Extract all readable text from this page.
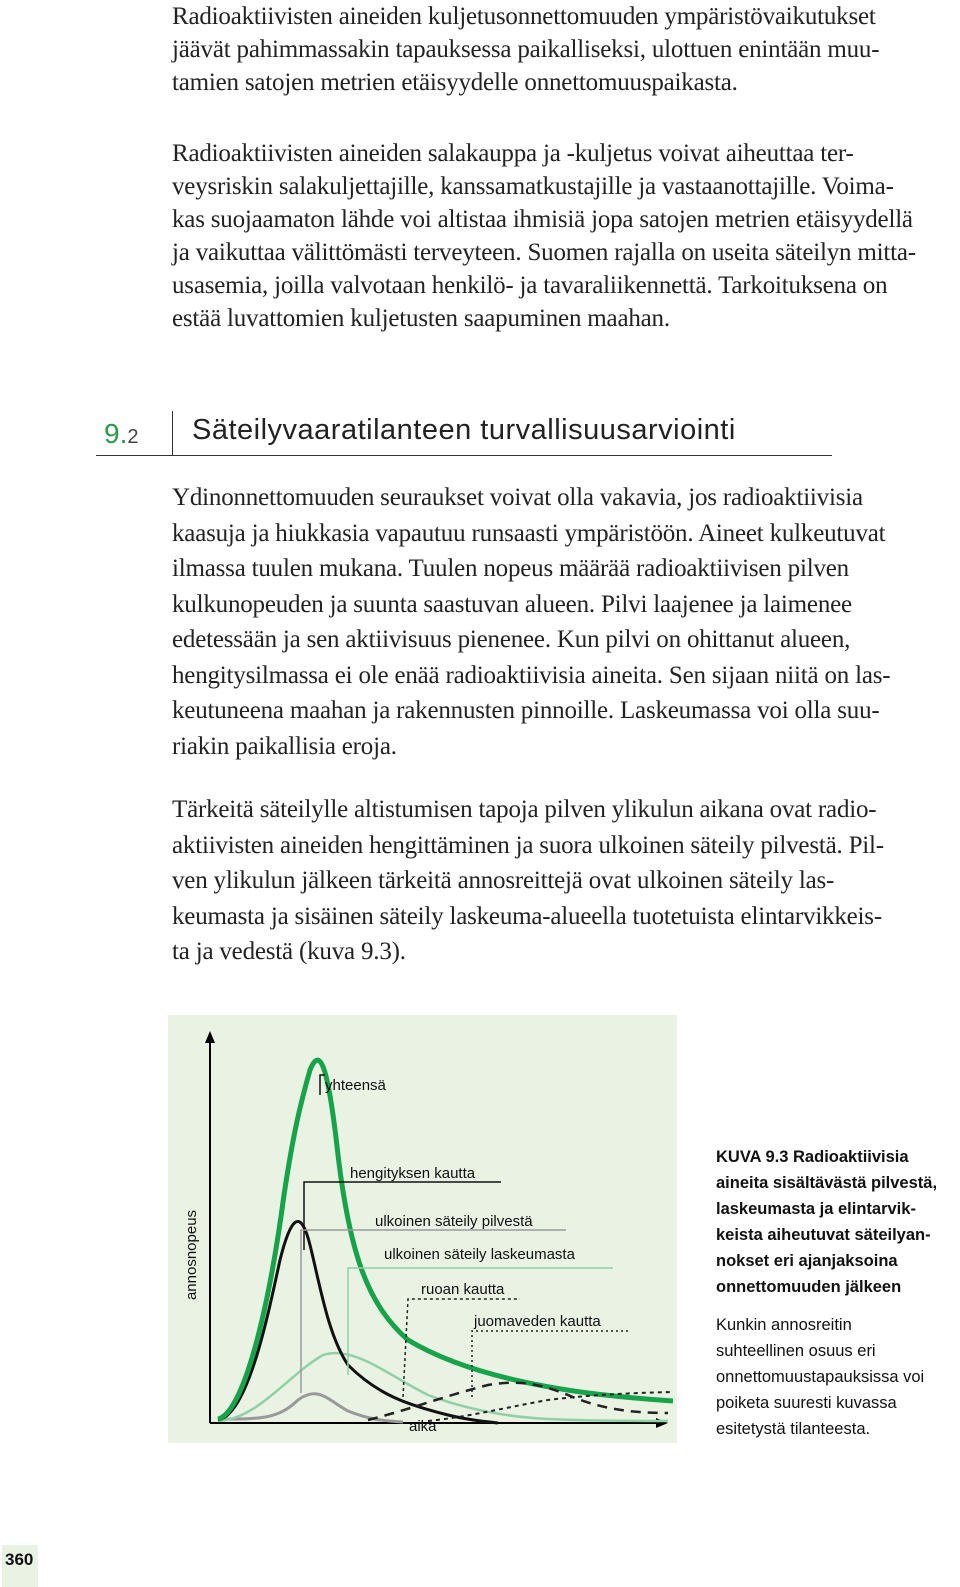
Radioaktiivisten aineiden kuljetusonnettomuuden ympäristövaikutukset
jäävät pahimmassakin tapauksessa paikalliseksi, ulottuen enintään muu-
tamien satojen metrien etäisyydelle onnettomuuspaikasta.
Radioaktiivisten aineiden salakauppa ja -kuljetus voivat aiheuttaa ter-
veysriskin salakuljettajille, kanssamatkustajille ja vastaanottajille. Voima-
kas suojaamaton lähde voi altistaa ihmisiä jopa satojen metrien etäisyydellä
ja vaikuttaa välittömästi terveyteen. Suomen rajalla on useita säteilyn mitta-
usasemia, joilla valvotaan henkilö- ja tavaraliikennettä. Tarkoituksena on
estää luvattomien kuljetusten saapuminen maahan.
9.2 Säteilyvaaratilanteen turvallisuusarviointi
Ydinonnettomuuden seuraukset voivat olla vakavia, jos radioaktiivisia
kaasuja ja hiukkasia vapautuu runsaasti ympäristöön. Aineet kulkeutuvat
ilmassa tuulen mukana. Tuulen nopeus määrää radioaktiivisen pilven
kulkunopeuden ja suunta saastuvan alueen. Pilvi laajenee ja laimenee
edetessään ja sen aktiivisuus pienenee. Kun pilvi on ohittanut alueen,
hengitysilmassa ei ole enää radioaktiivisia aineita. Sen sijaan niitä on las-
keutuneena maahan ja rakennusten pinnoille. Laskeumassa voi olla suu-
riakin paikallisia eroja.
Tärkeitä säteilylle altistumisen tapoja pilven ylikulun aikana ovat radio-
aktiivisten aineiden hengittäminen ja suora ulkoinen säteily pilvestä. Pil-
ven ylikulun jälkeen tärkeitä annosreittejä ovat ulkoinen säteily las-
keumasta ja sisäinen säteily laskeuma-alueella tuotetuista elintarvikkeis-
ta ja vedestä (kuva 9.3).
annosnopeus
aika
yhteensä
hengityksen kautta
ulkoinen säteily pilvestä
ulkoinen säteily laskeumasta
ruoan kautta
juomaveden kautta
KUVA 9.3 Radioaktiivisia
aineita sisältävästä pilvestä,
laskeumasta ja elintarvik-
keista aiheutuvat säteilyan-
nokset eri ajanjaksoina
onnettomuuden jälkeen
Kunkin annosreitin
suhteellinen osuus eri
onnettomuustapauksissa voi
poiketa suuresti kuvassa
esitetystä tilanteesta.
360
